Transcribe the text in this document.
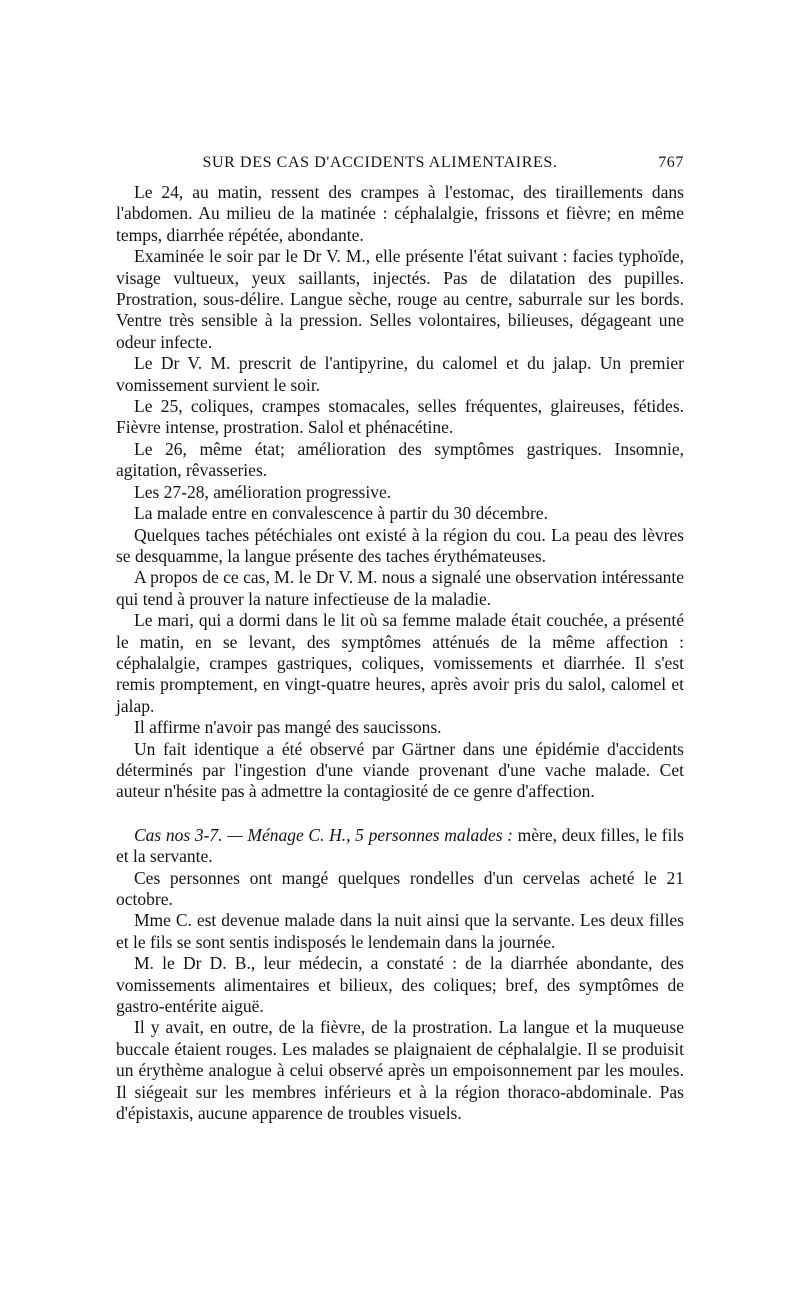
SUR DES CAS D'ACCIDENTS ALIMENTAIRES.	767

Le 24, au matin, ressent des crampes à l'estomac, des tiraillements dans l'abdomen. Au milieu de la matinée : céphalalgie, frissons et fièvre; en même temps, diarrhée répétée, abondante.

Examinée le soir par le Dr V. M., elle présente l'état suivant : facies typhoïde, visage vultueux, yeux saillants, injectés. Pas de dilatation des pupilles. Prostration, sous-délire. Langue sèche, rouge au centre, saburrale sur les bords. Ventre très sensible à la pression. Selles volontaires, bilieuses, dégageant une odeur infecte.

Le Dr V. M. prescrit de l'antipyrine, du calomel et du jalap. Un premier vomissement survient le soir.

Le 25, coliques, crampes stomacales, selles fréquentes, glaireuses, fétides. Fièvre intense, prostration. Salol et phénacétine.

Le 26, même état; amélioration des symptômes gastriques. Insomnie, agitation, rêvasseries.

Les 27-28, amélioration progressive.

La malade entre en convalescence à partir du 30 décembre.

Quelques taches pétéchiales ont existé à la région du cou. La peau des lèvres se desquamme, la langue présente des taches érythémateuses.

A propos de ce cas, M. le Dr V. M. nous a signalé une observation intéressante qui tend à prouver la nature infectieuse de la maladie.

Le mari, qui a dormi dans le lit où sa femme malade était couchée, a présenté le matin, en se levant, des symptômes atténués de la même affection : céphalalgie, crampes gastriques, coliques, vomissements et diarrhée. Il s'est remis promptement, en vingt-quatre heures, après avoir pris du salol, calomel et jalap.

Il affirme n'avoir pas mangé des saucissons.

Un fait identique a été observé par Gärtner dans une épidémie d'accidents déterminés par l'ingestion d'une viande provenant d'une vache malade. Cet auteur n'hésite pas à admettre la contagiosité de ce genre d'affection.

Cas nos 3-7. — Ménage C. H., 5 personnes malades : mère, deux filles, le fils et la servante.

Ces personnes ont mangé quelques rondelles d'un cervelas acheté le 21 octobre.

Mme C. est devenue malade dans la nuit ainsi que la servante. Les deux filles et le fils se sont sentis indisposés le lendemain dans la journée.

M. le Dr D. B., leur médecin, a constaté : de la diarrhée abondante, des vomissements alimentaires et bilieux, des coliques; bref, des symptômes de gastro-entérite aiguë.

Il y avait, en outre, de la fièvre, de la prostration. La langue et la muqueuse buccale étaient rouges. Les malades se plaignaient de céphalalgie. Il se produisit un érythème analogue à celui observé après un empoisonnement par les moules. Il siégeait sur les membres inférieurs et à la région thoraco-abdominale. Pas d'épistaxis, aucune apparence de troubles visuels.
